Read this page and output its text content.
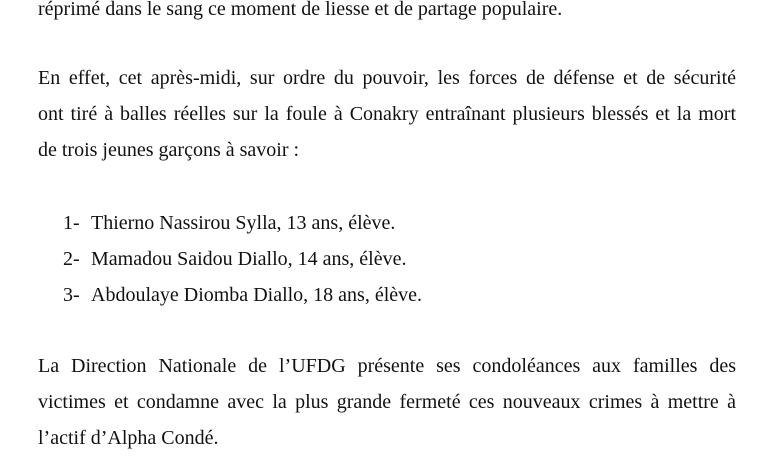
réprimé dans le sang ce moment de liesse et de partage populaire.
En effet, cet après-midi, sur ordre du pouvoir, les forces de défense et de sécurité
ont tiré à balles réelles sur la foule à Conakry entraînant plusieurs blessés et la mort
de trois jeunes garçons à savoir :
1- Thierno Nassirou Sylla, 13 ans, élève.
2- Mamadou Saidou Diallo, 14 ans, élève.
3- Abdoulaye Diomba Diallo, 18 ans, élève.
La Direction Nationale de l’UFDG présente ses condoléances aux familles des
victimes et condamne avec la plus grande fermeté ces nouveaux crimes à mettre à
l’actif d’Alpha Condé.
